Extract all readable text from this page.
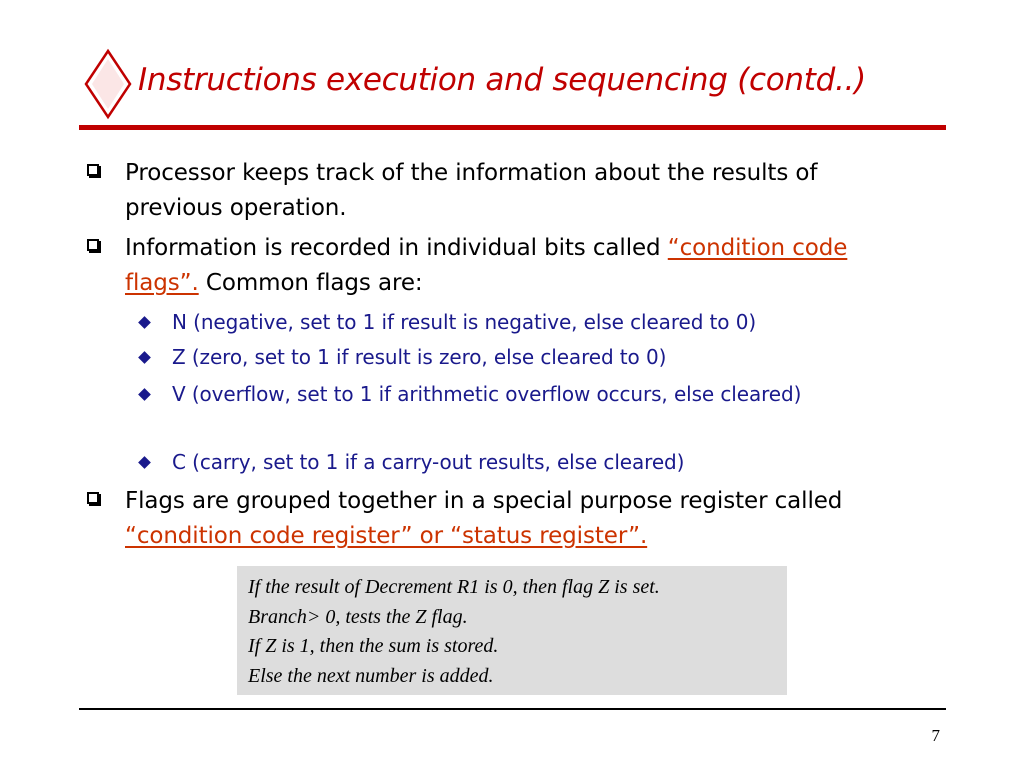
Instructions execution and sequencing (contd..)
Processor keeps track of the information about the results of previous operation.
Information is recorded in individual bits called “condition code flags”. Common flags are:
N (negative, set to 1 if result is negative, else cleared to 0)
Z (zero, set to 1 if result is zero, else cleared to 0)
V (overflow, set to 1 if arithmetic overflow occurs, else cleared)
C (carry, set to 1 if a carry-out results, else cleared)
Flags are grouped together in a special purpose register called “condition code register” or “status register”.
If the result of Decrement R1 is 0, then flag Z is set.
Branch> 0, tests the Z flag.
If Z is 1, then the sum is stored.
Else the next number is added.
7
